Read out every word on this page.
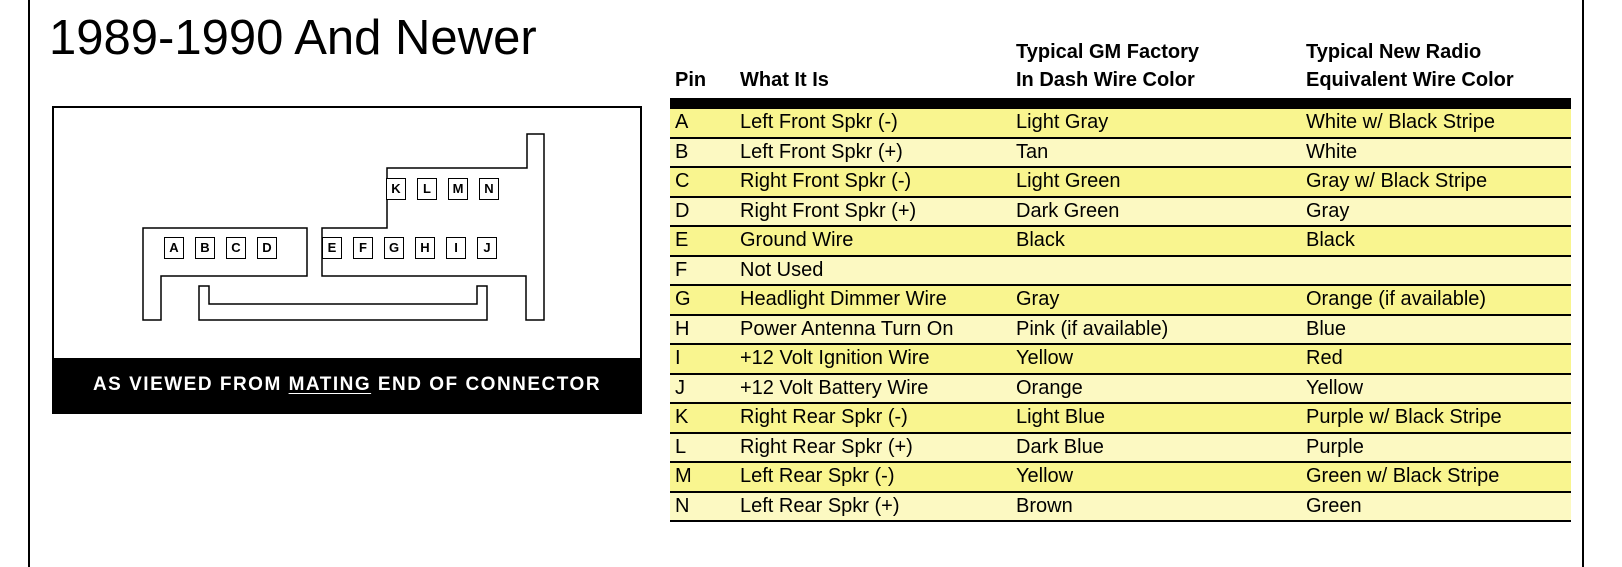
1989-1990 And Newer
K	L	M	N
A	B	C	D	E	F	G	H	I	J
AS VIEWED FROM MATING END OF CONNECTOR
Pin What It Is
Typical GM Factory
In Dash Wire Color
Typical New Radio
Equivalent Wire Color
A	Left Front Spkr (-)	Light Gray	White w/ Black Stripe
B	Left Front Spkr (+)	Tan	White
C	Right Front Spkr (-)	Light Green	Gray w/ Black Stripe
D	Right Front Spkr (+)	Dark Green	Gray
E	Ground Wire	Black	Black
F	Not Used
G Headlight Dimmer Wire	Gray	Orange (if available)
H	Power Antenna Turn On	Pink (if available)	Blue
I	+12 Volt Ignition Wire	Yellow	Red
J	+12 Volt Battery Wire	Orange	Yellow
K	Right Rear Spkr (-)	Light Blue	Purple w/ Black Stripe
L	Right Rear Spkr (+)	Dark Blue	Purple
M Left Rear Spkr (-)	Yellow	Green w/ Black Stripe
N	Left Rear Spkr (+)	Brown	Green
